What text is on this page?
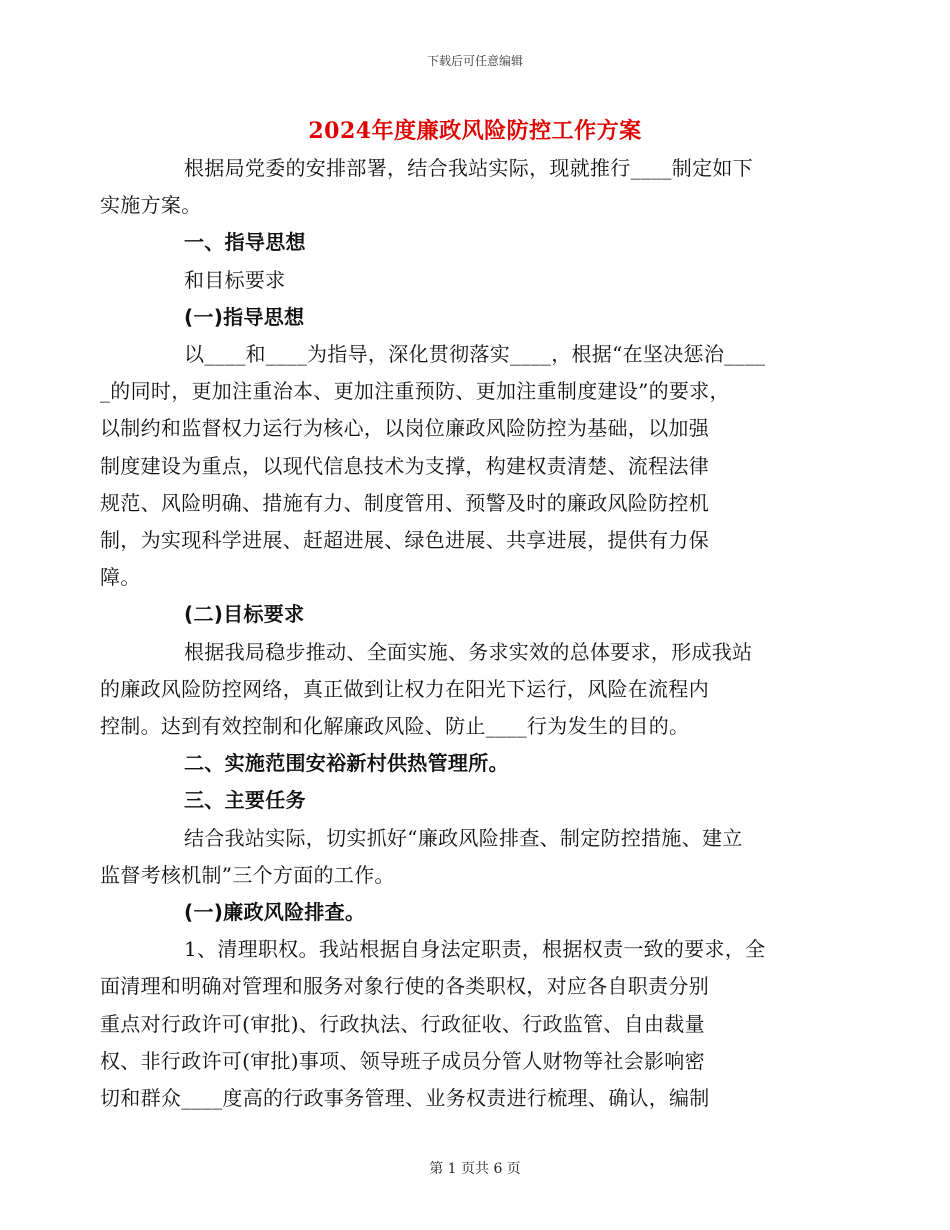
下载后可任意编辑
2024年度廉政风险防控工作方案

根据局党委的安排部署，结合我站实际，现就推行____制定如下
实施方案。

一、指导思想

和目标要求

(一)指导思想

以____和____为指导，深化贯彻落实____，根据“在坚决惩治____
_的同时，更加注重治本、更加注重预防、更加注重制度建设”的要求，
以制约和监督权力运行为核心，以岗位廉政风险防控为基础，以加强
制度建设为重点，以现代信息技术为支撑，构建权责清楚、流程法律
规范、风险明确、措施有力、制度管用、预警及时的廉政风险防控机
制，为实现科学进展、赶超进展、绿色进展、共享进展，提供有力保
障。

(二)目标要求

根据我局稳步推动、全面实施、务求实效的总体要求，形成我站
的廉政风险防控网络，真正做到让权力在阳光下运行，风险在流程内
控制。达到有效控制和化解廉政风险、防止____行为发生的目的。

二、实施范围安裕新村供热管理所。

三、主要任务

结合我站实际，切实抓好“廉政风险排查、制定防控措施、建立
监督考核机制”三个方面的工作。

(一)廉政风险排查。

1、清理职权。我站根据自身法定职责，根据权责一致的要求，全
面清理和明确对管理和服务对象行使的各类职权，对应各自职责分别
重点对行政许可(审批)、行政执法、行政征收、行政监管、自由裁量
权、非行政许可(审批)事项、领导班子成员分管人财物等社会影响密
切和群众____度高的行政事务管理、业务权责进行梳理、确认，编制

第 1 页共 6 页
